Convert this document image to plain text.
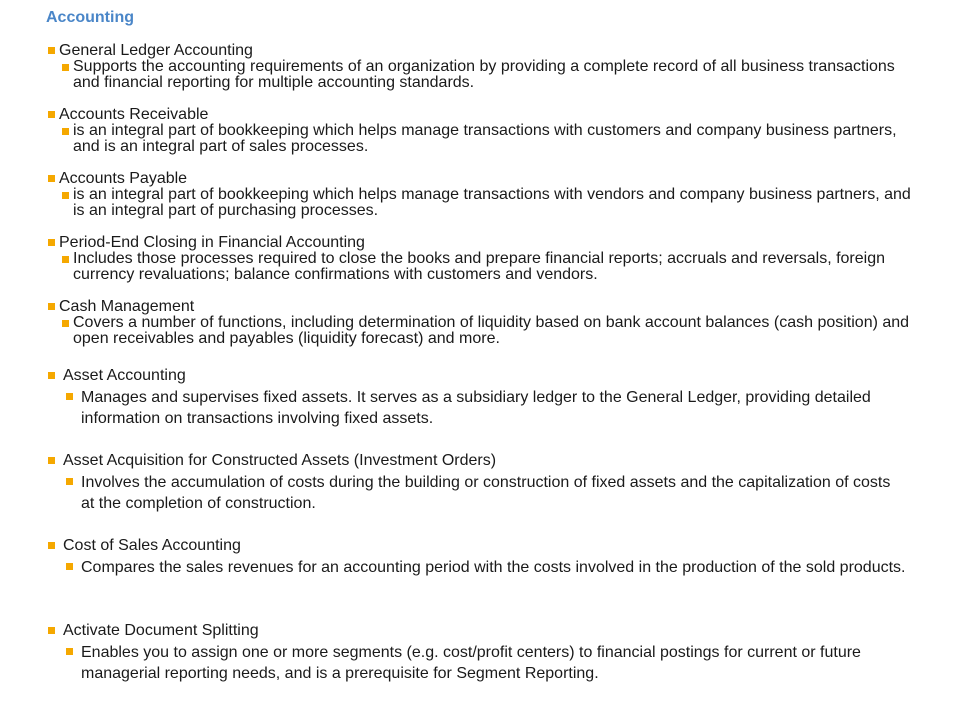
Accounting
General Ledger Accounting
Supports the accounting requirements of an organization by providing a complete record of all business transactions and financial reporting for multiple accounting standards.
Accounts Receivable
is an integral part of bookkeeping which helps manage transactions with customers and company business partners, and is an integral part of sales processes.
Accounts Payable
is an integral part of bookkeeping which helps manage transactions with vendors and company business partners, and is an integral part of purchasing processes.
Period-End Closing in Financial Accounting
Includes those processes required to close the books and prepare financial reports; accruals and reversals, foreign currency revaluations; balance confirmations with customers and vendors.
Cash Management
Covers a number of functions, including determination of liquidity based on bank account balances (cash position) and open receivables and payables (liquidity forecast) and more.
Asset Accounting
Manages and supervises fixed assets. It serves as a subsidiary ledger to the General Ledger, providing detailed information on transactions involving fixed assets.
Asset Acquisition for Constructed Assets (Investment Orders)
Involves the accumulation of costs during the building or construction of fixed assets and the capitalization of costs at the completion of construction.
Cost of Sales Accounting
Compares the sales revenues for an accounting period with the costs involved in the production of the sold products.
Activate Document Splitting
Enables you to assign one or more segments (e.g. cost/profit centers) to financial postings for current or future managerial reporting needs, and is a prerequisite for Segment Reporting.
